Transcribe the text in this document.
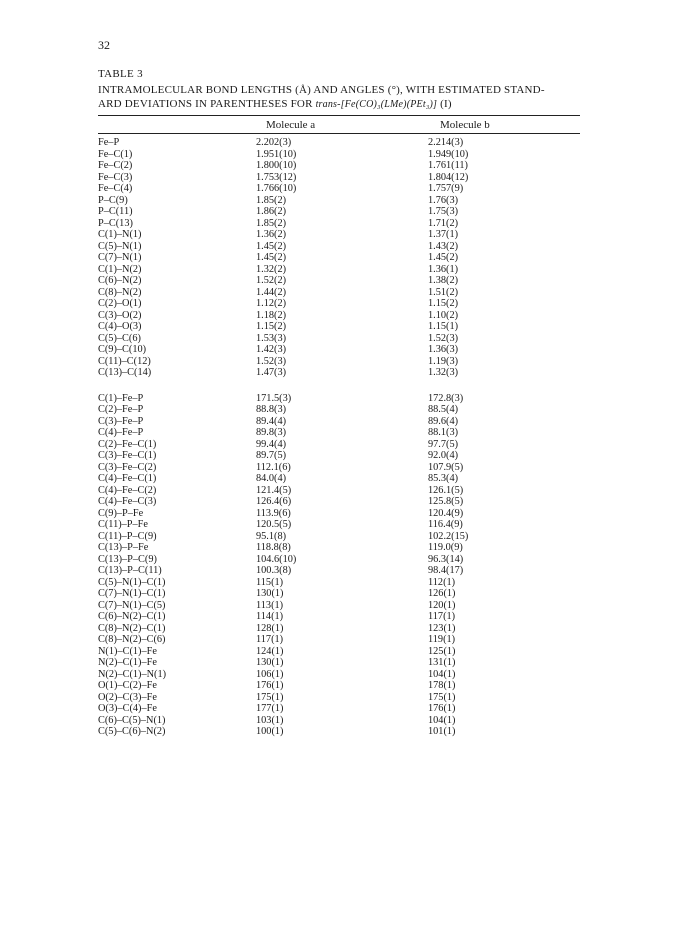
32
TABLE 3
INTRAMOLECULAR BOND LENGTHS (Å) AND ANGLES (°), WITH ESTIMATED STAND-
ARD DEVIATIONS IN PARENTHESES FOR trans-[Fe(CO)₃(LMe)(PEt₃)] (I)
Molecule a	Molecule b
Fe–P	2.202(3)	2.214(3)
Fe–C(1)	1.951(10)	1.949(10)
Fe–C(2)	1.800(10)	1.761(11)
Fe–C(3)	1.753(12)	1.804(12)
Fe–C(4)	1.766(10)	1.757(9)
P–C(9)	1.85(2)	1.76(3)
P–C(11)	1.86(2)	1.75(3)
P–C(13)	1.85(2)	1.71(2)
C(1)–N(1)	1.36(2)	1.37(1)
C(5)–N(1)	1.45(2)	1.43(2)
C(7)–N(1)	1.45(2)	1.45(2)
C(1)–N(2)	1.32(2)	1.36(1)
C(6)–N(2)	1.52(2)	1.38(2)
C(8)–N(2)	1.44(2)	1.51(2)
C(2)–O(1)	1.12(2)	1.15(2)
C(3)–O(2)	1.18(2)	1.10(2)
C(4)–O(3)	1.15(2)	1.15(1)
C(5)–C(6)	1.53(3)	1.52(3)
C(9)–C(10)	1.42(3)	1.36(3)
C(11)–C(12)	1.52(3)	1.19(3)
C(13)–C(14)	1.47(3)	1.32(3)
C(1)–Fe–P	171.5(3)	172.8(3)
C(2)–Fe–P	88.8(3)	88.5(4)
C(3)–Fe–P	89.4(4)	89.6(4)
C(4)–Fe–P	89.8(3)	88.1(3)
C(2)–Fe–C(1)	99.4(4)	97.7(5)
C(3)–Fe–C(1)	89.7(5)	92.0(4)
C(3)–Fe–C(2)	112.1(6)	107.9(5)
C(4)–Fe–C(1)	84.0(4)	85.3(4)
C(4)–Fe–C(2)	121.4(5)	126.1(5)
C(4)–Fe–C(3)	126.4(6)	125.8(5)
C(9)–P–Fe	113.9(6)	120.4(9)
C(11)–P–Fe	120.5(5)	116.4(9)
C(11)–P–C(9)	95.1(8)	102.2(15)
C(13)–P–Fe	118.8(8)	119.0(9)
C(13)–P–C(9)	104.6(10)	96.3(14)
C(13)–P–C(11)	100.3(8)	98.4(17)
C(5)–N(1)–C(1)	115(1)	112(1)
C(7)–N(1)–C(1)	130(1)	126(1)
C(7)–N(1)–C(5)	113(1)	120(1)
C(6)–N(2)–C(1)	114(1)	117(1)
C(8)–N(2)–C(1)	128(1)	123(1)
C(8)–N(2)–C(6)	117(1)	119(1)
N(1)–C(1)–Fe	124(1)	125(1)
N(2)–C(1)–Fe	130(1)	131(1)
N(2)–C(1)–N(1)	106(1)	104(1)
O(1)–C(2)–Fe	176(1)	178(1)
O(2)–C(3)–Fe	175(1)	175(1)
O(3)–C(4)–Fe	177(1)	176(1)
C(6)–C(5)–N(1)	103(1)	104(1)
C(5)–C(6)–N(2)	100(1)	101(1)
